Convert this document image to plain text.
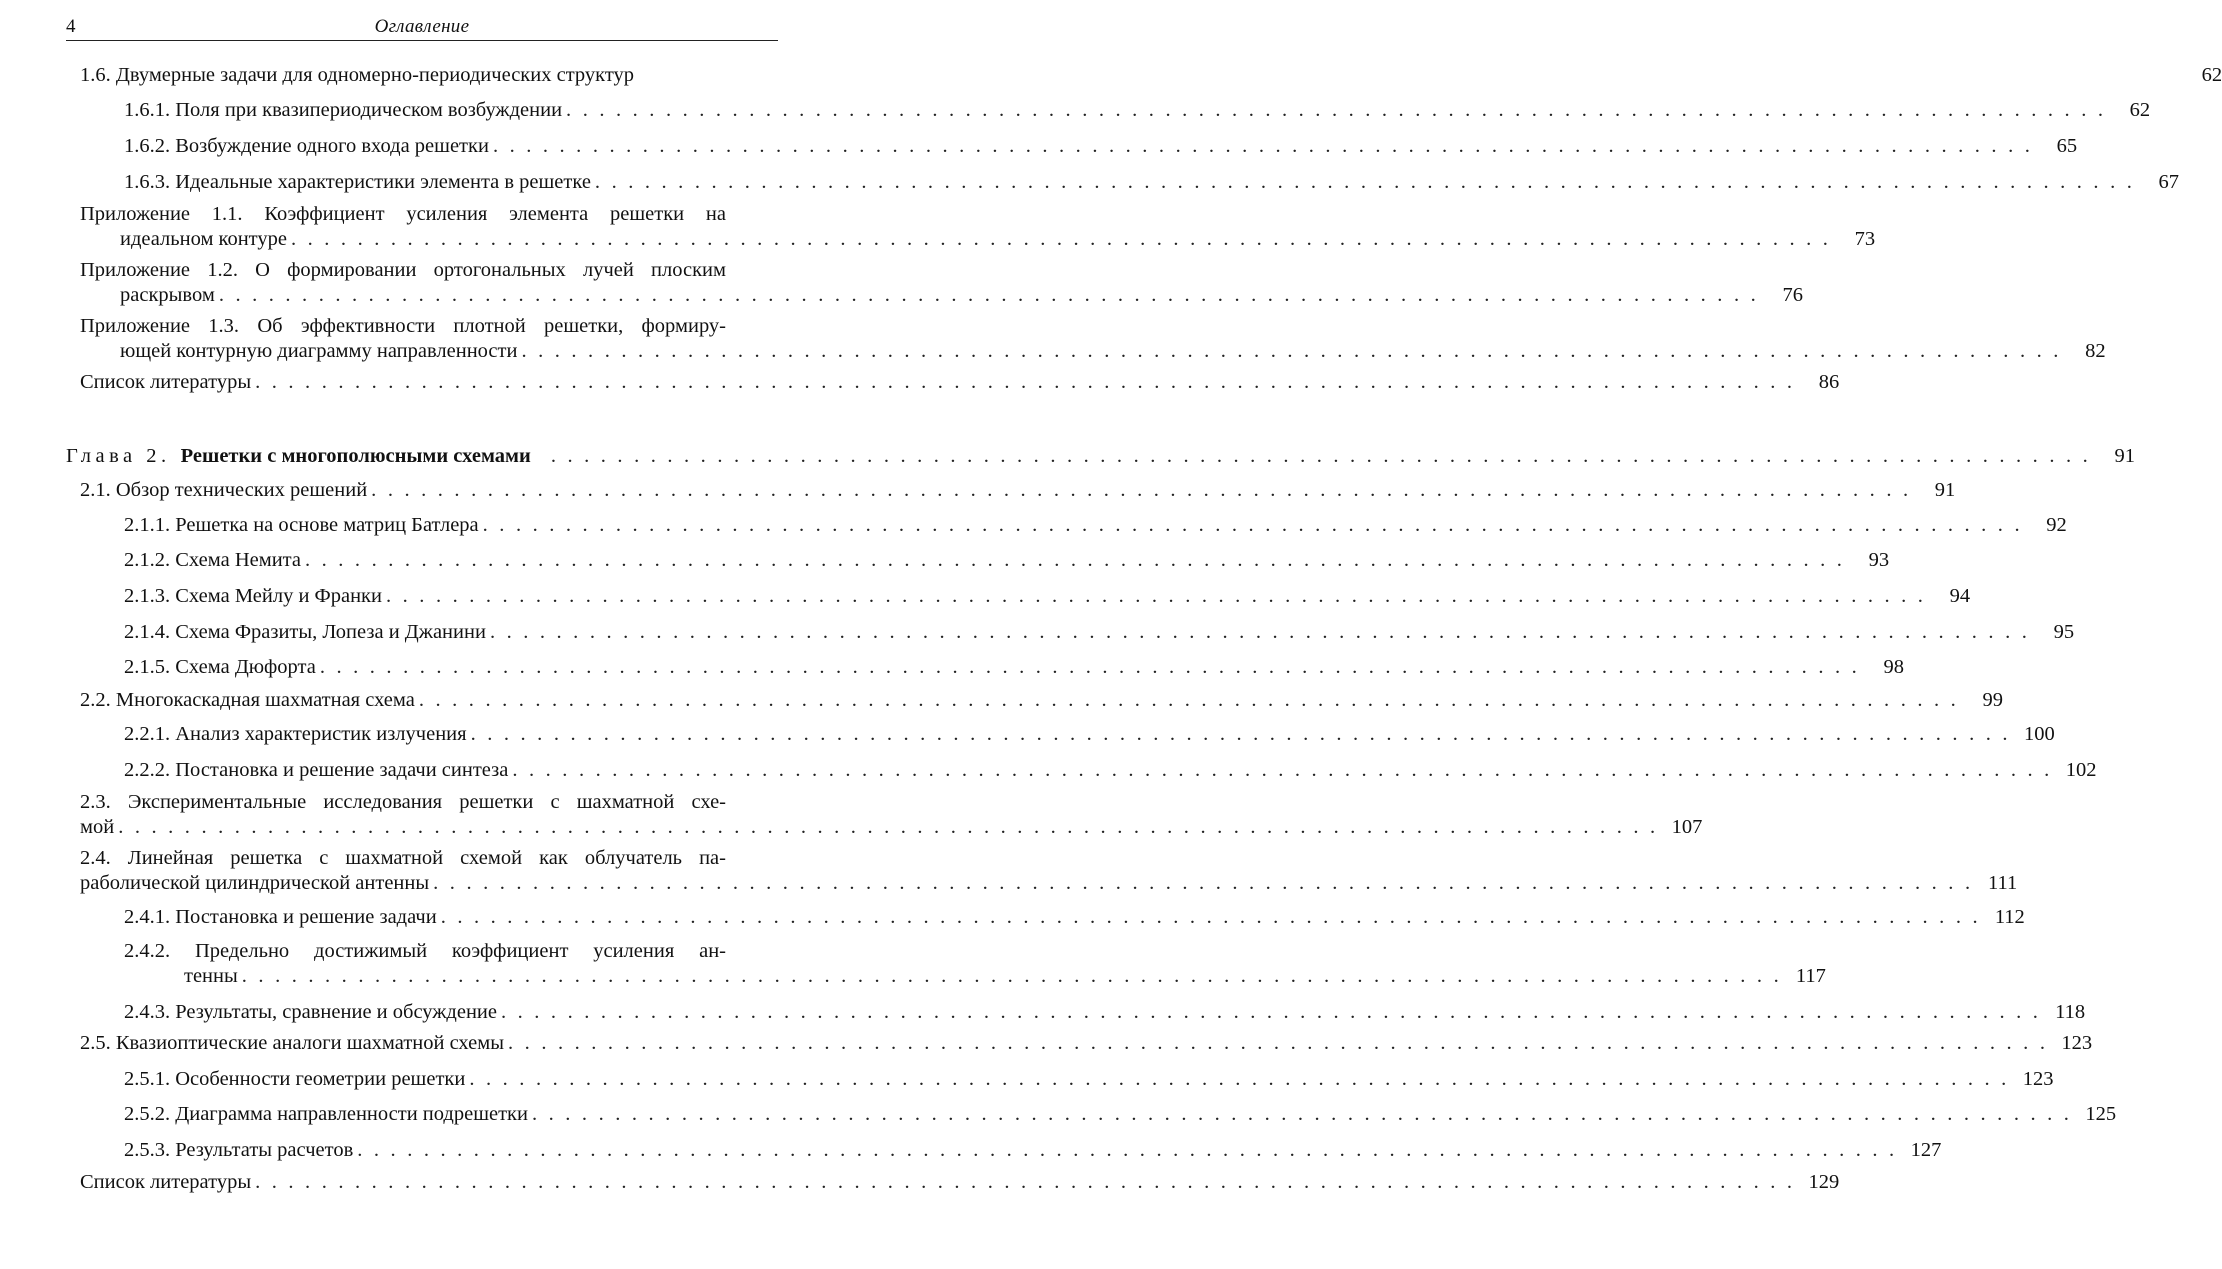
4	Оглавление
1.6. Двумерные задачи для одномерно-периодических структур	62
1.6.1. Поля при квазипериодическом возбуждении . . . . . . . . . . . . . . . . . . . . . . . . . . . . . . . . . . . . . . . . . . . . . . . . . . . . . . . . . . . . . . . . . . . . . . . . . . . . . . . . . . . . . . . . . . . . .	62
1.6.2. Возбуждение одного входа решетки . . . . . . . . . . . . . . . . . . . . . . . . . . . . . . . . . . . . . . . . . . . . . . . . . . . . . . . . . . . . . . . . . . . . . . . . . . . . . . . . . . . . . . . . . . . . .	65
1.6.3. Идеальные характеристики элемента в решетке . . . . . . . . . . . . . . . . . . . . . . . . . . . . . . . . . . . . . . . . . . . . . . . . . . . . . . . . . . . . . . . . . . . . . . . . . . . . . . . . . . . . . . . . . . . . .	67
Приложение 1.1. Коэффициент усиления элемента решетки на
идеальном контуре . . . . . . . . . . . . . . . . . . . . . . . . . . . . . . . . . . . . . . . . . . . . . . . . . . . . . . . . . . . . . . . . . . . . . . . . . . . . . . . . . . . . . . . . . . . . .	73
Приложение 1.2. О формировании ортогональных лучей плоским
раскрывом . . . . . . . . . . . . . . . . . . . . . . . . . . . . . . . . . . . . . . . . . . . . . . . . . . . . . . . . . . . . . . . . . . . . . . . . . . . . . . . . . . . . . . . . . . . . .	76
Приложение 1.3. Об эффективности плотной решетки, формиру-
ющей контурную диаграмму направленности . . . . . . . . . . . . . . . . . . . . . . . . . . . . . . . . . . . . . . . . . . . . . . . . . . . . . . . . . . . . . . . . . . . . . . . . . . . . . . . . . . . . . . . . . . . . .	82
Список литературы . . . . . . . . . . . . . . . . . . . . . . . . . . . . . . . . . . . . . . . . . . . . . . . . . . . . . . . . . . . . . . . . . . . . . . . . . . . . . . . . . . . . . . . . . . . . .	86
Глава 2. Решетки с многополюсными схемами . . . . . . . . . . . . . . . . . . . . . . . . . . . . . . . . . . . . . . . . . . . . . . . . . . . . . . . . . . . . . . . . . . . . . . . . . . . . . . . . . . . . . . . . . . . . .	91
2.1. Обзор технических решений . . . . . . . . . . . . . . . . . . . . . . . . . . . . . . . . . . . . . . . . . . . . . . . . . . . . . . . . . . . . . . . . . . . . . . . . . . . . . . . . . . . . . . . . . . . . .	91
2.1.1. Решетка на основе матриц Батлера . . . . . . . . . . . . . . . . . . . . . . . . . . . . . . . . . . . . . . . . . . . . . . . . . . . . . . . . . . . . . . . . . . . . . . . . . . . . . . . . . . . . . . . . . . . . .	92
2.1.2. Схема Немита . . . . . . . . . . . . . . . . . . . . . . . . . . . . . . . . . . . . . . . . . . . . . . . . . . . . . . . . . . . . . . . . . . . . . . . . . . . . . . . . . . . . . . . . . . . . .	93
2.1.3. Схема Мейлу и Франки . . . . . . . . . . . . . . . . . . . . . . . . . . . . . . . . . . . . . . . . . . . . . . . . . . . . . . . . . . . . . . . . . . . . . . . . . . . . . . . . . . . . . . . . . . . . .	94
2.1.4. Схема Фразиты, Лопеза и Джанини . . . . . . . . . . . . . . . . . . . . . . . . . . . . . . . . . . . . . . . . . . . . . . . . . . . . . . . . . . . . . . . . . . . . . . . . . . . . . . . . . . . . . . . . . . . . .	95
2.1.5. Схема Дюфорта . . . . . . . . . . . . . . . . . . . . . . . . . . . . . . . . . . . . . . . . . . . . . . . . . . . . . . . . . . . . . . . . . . . . . . . . . . . . . . . . . . . . . . . . . . . . .	98
2.2. Многокаскадная шахматная схема . . . . . . . . . . . . . . . . . . . . . . . . . . . . . . . . . . . . . . . . . . . . . . . . . . . . . . . . . . . . . . . . . . . . . . . . . . . . . . . . . . . . . . . . . . . . .	99
2.2.1. Анализ характеристик излучения . . . . . . . . . . . . . . . . . . . . . . . . . . . . . . . . . . . . . . . . . . . . . . . . . . . . . . . . . . . . . . . . . . . . . . . . . . . . . . . . . . . . . . . . . . . . . 100
2.2.2. Постановка и решение задачи синтеза . . . . . . . . . . . . . . . . . . . . . . . . . . . . . . . . . . . . . . . . . . . . . . . . . . . . . . . . . . . . . . . . . . . . . . . . . . . . . . . . . . . . . . . . . . . . . 102
2.3. Экспериментальные исследования решетки с шахматной схе-
мой . . . . . . . . . . . . . . . . . . . . . . . . . . . . . . . . . . . . . . . . . . . . . . . . . . . . . . . . . . . . . . . . . . . . . . . . . . . . . . . . . . . . . . . . . . . . . 107
2.4. Линейная решетка с шахматной схемой как облучатель па-
раболической цилиндрической антенны . . . . . . . . . . . . . . . . . . . . . . . . . . . . . . . . . . . . . . . . . . . . . . . . . . . . . . . . . . . . . . . . . . . . . . . . . . . . . . . . . . . . . . . . . . . . . 111
2.4.1. Постановка и решение задачи . . . . . . . . . . . . . . . . . . . . . . . . . . . . . . . . . . . . . . . . . . . . . . . . . . . . . . . . . . . . . . . . . . . . . . . . . . . . . . . . . . . . . . . . . . . . . 112
2.4.2. Предельно достижимый коэффициент усиления ан-
тенны . . . . . . . . . . . . . . . . . . . . . . . . . . . . . . . . . . . . . . . . . . . . . . . . . . . . . . . . . . . . . . . . . . . . . . . . . . . . . . . . . . . . . . . . . . . . . 117
2.4.3. Результаты, сравнение и обсуждение . . . . . . . . . . . . . . . . . . . . . . . . . . . . . . . . . . . . . . . . . . . . . . . . . . . . . . . . . . . . . . . . . . . . . . . . . . . . . . . . . . . . . . . . . . . . . 118
2.5. Квазиоптические аналоги шахматной схемы . . . . . . . . . . . . . . . . . . . . . . . . . . . . . . . . . . . . . . . . . . . . . . . . . . . . . . . . . . . . . . . . . . . . . . . . . . . . . . . . . . . . . . . . . . . . . 123
2.5.1. Особенности геометрии решетки . . . . . . . . . . . . . . . . . . . . . . . . . . . . . . . . . . . . . . . . . . . . . . . . . . . . . . . . . . . . . . . . . . . . . . . . . . . . . . . . . . . . . . . . . . . . . 123
2.5.2. Диаграмма направленности подрешетки . . . . . . . . . . . . . . . . . . . . . . . . . . . . . . . . . . . . . . . . . . . . . . . . . . . . . . . . . . . . . . . . . . . . . . . . . . . . . . . . . . . . . . . . . . . . . 125
2.5.3. Результаты расчетов . . . . . . . . . . . . . . . . . . . . . . . . . . . . . . . . . . . . . . . . . . . . . . . . . . . . . . . . . . . . . . . . . . . . . . . . . . . . . . . . . . . . . . . . . . . . . 127
Список литературы . . . . . . . . . . . . . . . . . . . . . . . . . . . . . . . . . . . . . . . . . . . . . . . . . . . . . . . . . . . . . . . . . . . . . . . . . . . . . . . . . . . . . . . . . . . . . 129
